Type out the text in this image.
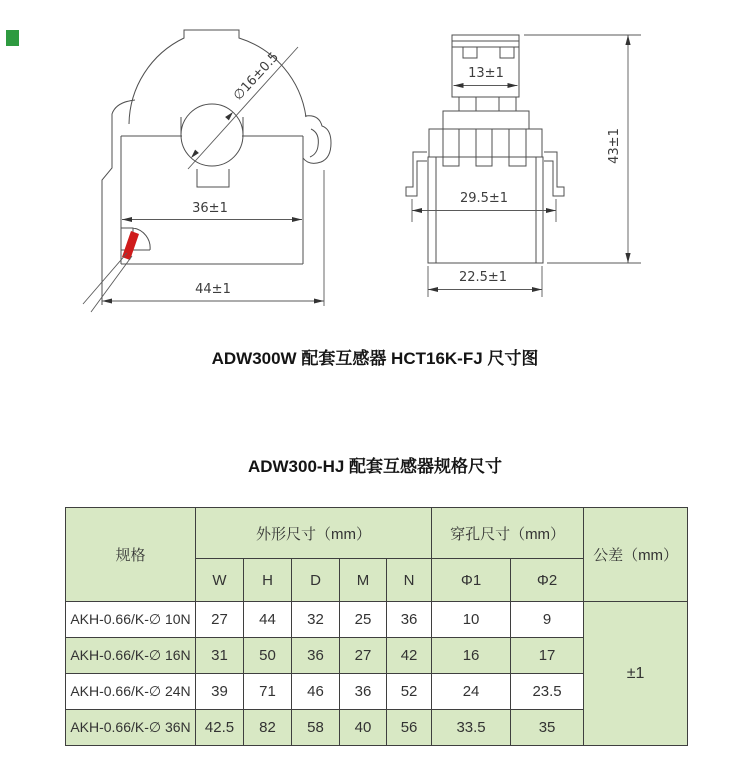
∅16±0.5
36±1
44±1
13±1
29.5±1
22.5±1
43±1
ADW300W 配套互感器 HCT16K-FJ 尺寸图
ADW300-HJ 配套互感器规格尺寸
规格	外形尺寸（mm）					穿孔尺寸（mm）		公差（mm）
	W	H	D	M	N	Φ1	Φ2	
AKH-0.66/K-∅ 10N	27	44	32	25	36	10	9	±1
AKH-0.66/K-∅ 16N	31	50	36	27	42	16	17	
AKH-0.66/K-∅ 24N	39	71	46	36	52	24	23.5	
AKH-0.66/K-∅ 36N	42.5	82	58	40	56	33.5	35	
